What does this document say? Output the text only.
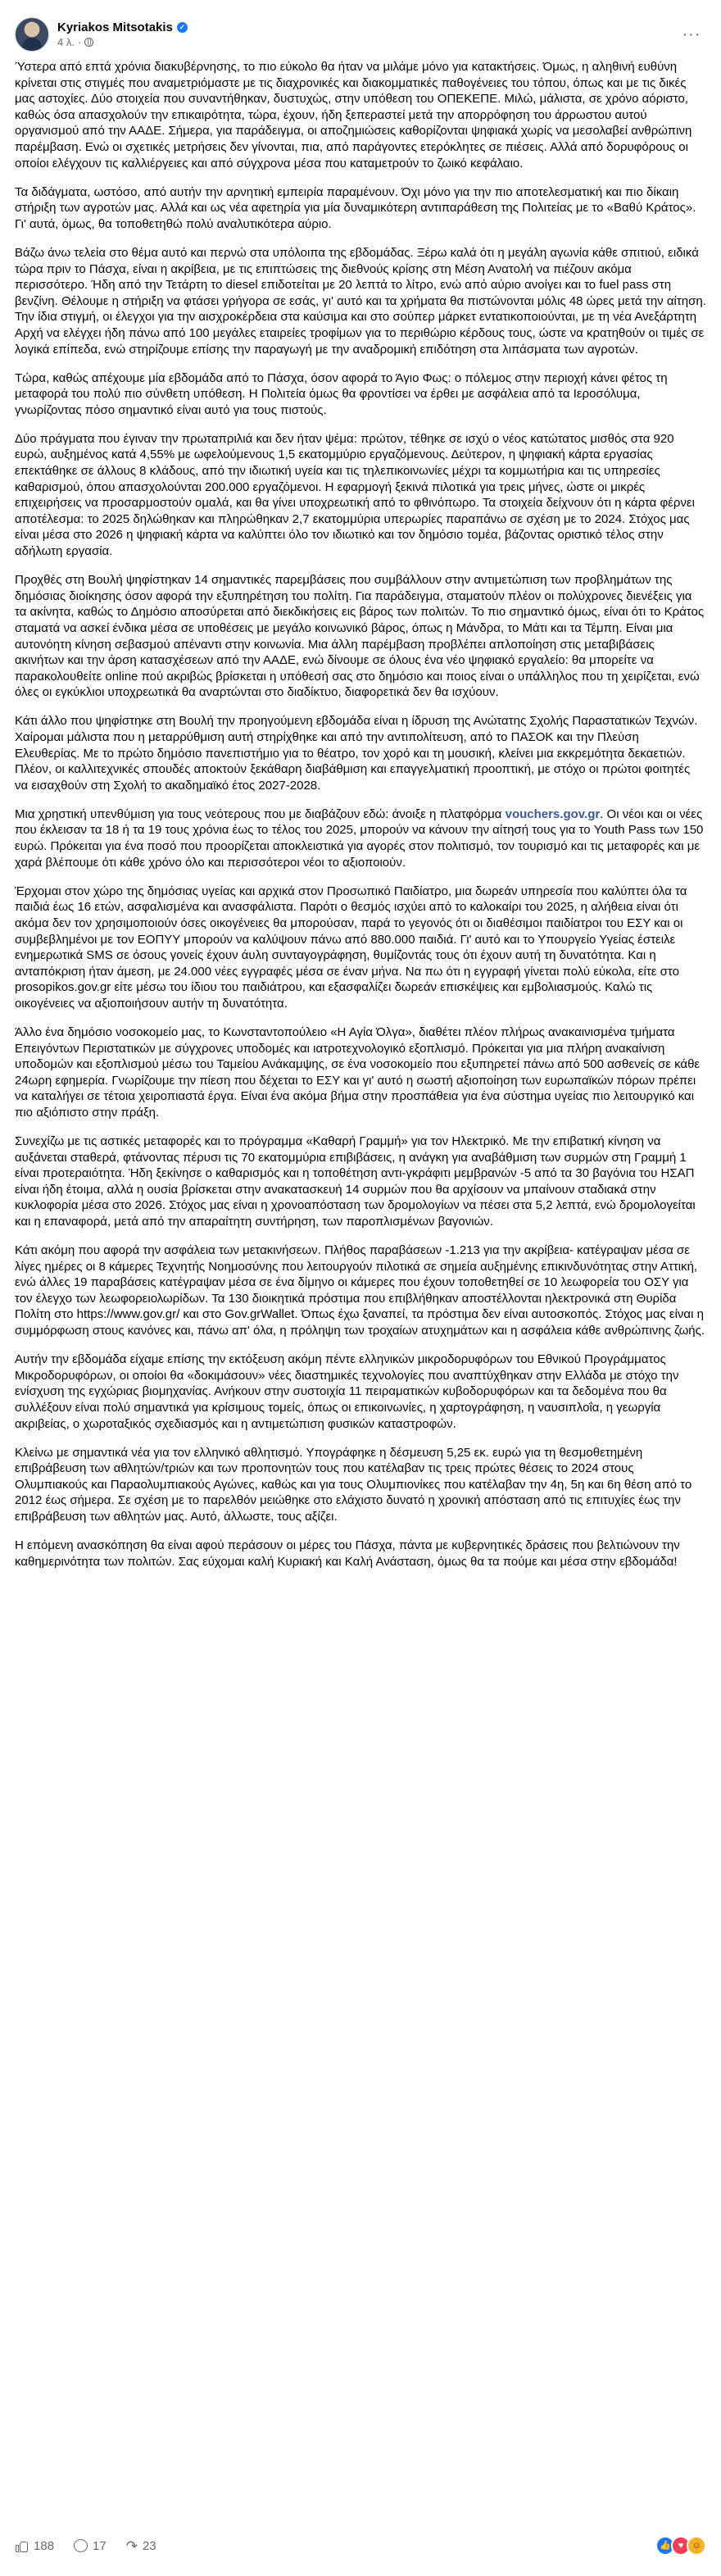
Kyriakos Mitsotakis ✓
4 λ. ·	···

Ύστερα από επτά χρόνια διακυβέρνησης, το πιο εύκολο θα ήταν να μιλάμε μόνο για κατακτήσεις. Όμως, η αληθινή ευθύνη κρίνεται στις στιγμές που αναμετριόμαστε με τις διαχρονικές και διακομματικές παθογένειες του τόπου, όπως και με τις δικές μας αστοχίες. Δύο στοιχεία που συναντήθηκαν, δυστυχώς, στην υπόθεση του ΟΠΕΚΕΠΕ. Μιλώ, μάλιστα, σε χρόνο αόριστο, καθώς όσα απασχολούν την επικαιρότητα, τώρα, έχουν, ήδη ξεπεραστεί μετά την απορρόφηση του άρρωστου αυτού οργανισμού από την ΑΑΔΕ. Σήμερα, για παράδειγμα, οι αποζημιώσεις καθορίζονται ψηφιακά χωρίς να μεσολαβεί ανθρώπινη παρέμβαση. Ενώ οι σχετικές μετρήσεις δεν γίνονται, πια, από παράγοντες ετερόκλητες σε πιέσεις. Αλλά από δορυφόρους οι οποίοι ελέγχουν τις καλλιέργειες και από σύγχρονα μέσα που καταμετρούν το ζωικό κεφάλαιο.

Τα διδάγματα, ωστόσο, από αυτήν την αρνητική εμπειρία παραμένουν. Όχι μόνο για την πιο αποτελεσματική και πιο δίκαιη στήριξη των αγροτών μας. Αλλά και ως νέα αφετηρία για μία δυναμικότερη αντιπαράθεση της Πολιτείας με το «Βαθύ Κράτος». Γι' αυτά, όμως, θα τοποθετηθώ πολύ αναλυτικότερα αύριο.

Βάζω άνω τελεία στο θέμα αυτό και περνώ στα υπόλοιπα της εβδομάδας. Ξέρω καλά ότι η μεγάλη αγωνία κάθε σπιτιού, ειδικά τώρα πριν το Πάσχα, είναι η ακρίβεια, με τις επιπτώσεις της διεθνούς κρίσης στη Μέση Ανατολή να πιέζουν ακόμα περισσότερο. Ήδη από την Τετάρτη το diesel επιδοτείται με 20 λεπτά το λίτρο, ενώ από αύριο ανοίγει και το fuel pass στη βενζίνη. Θέλουμε η στήριξη να φτάσει γρήγορα σε εσάς, γι' αυτό και τα χρήματα θα πιστώνονται μόλις 48 ώρες μετά την αίτηση. Την ίδια στιγμή, οι έλεγχοι για την αισχροκέρδεια στα καύσιμα και στο σούπερ μάρκετ εντατικοποιούνται, με τη νέα Ανεξάρτητη Αρχή να ελέγχει ήδη πάνω από 100 μεγάλες εταιρείες τροφίμων για το περιθώριο κέρδους τους, ώστε να κρατηθούν οι τιμές σε λογικά επίπεδα, ενώ στηρίζουμε επίσης την παραγωγή με την αναδρομική επιδότηση στα λιπάσματα των αγροτών.

Τώρα, καθώς απέχουμε μία εβδομάδα από το Πάσχα, όσον αφορά το Άγιο Φως: ο πόλεμος στην περιοχή κάνει φέτος τη μεταφορά του πολύ πιο σύνθετη υπόθεση. Η Πολιτεία όμως θα φροντίσει να έρθει με ασφάλεια από τα Ιεροσόλυμα, γνωρίζοντας πόσο σημαντικό είναι αυτό για τους πιστούς.

Δύο πράγματα που έγιναν την πρωταπριλιά και δεν ήταν ψέμα: πρώτον, τέθηκε σε ισχύ ο νέος κατώτατος μισθός στα 920 ευρώ, αυξημένος κατά 4,55% με ωφελούμενους 1,5 εκατομμύριο εργαζόμενους. Δεύτερον, η ψηφιακή κάρτα εργασίας επεκτάθηκε σε άλλους 8 κλάδους, από την ιδιωτική υγεία και τις τηλεπικοινωνίες μέχρι τα κομμωτήρια και τις υπηρεσίες καθαρισμού, όπου απασχολούνται 200.000 εργαζόμενοι. Η εφαρμογή ξεκινά πιλοτικά για τρεις μήνες, ώστε οι μικρές επιχειρήσεις να προσαρμοστούν ομαλά, και θα γίνει υποχρεωτική από το φθινόπωρο. Τα στοιχεία δείχνουν ότι η κάρτα φέρνει αποτέλεσμα: το 2025 δηλώθηκαν και πληρώθηκαν 2,7 εκατομμύρια υπερωρίες παραπάνω σε σχέση με το 2024. Στόχος μας είναι μέσα στο 2026 η ψηφιακή κάρτα να καλύπτει όλο τον ιδιωτικό και τον δημόσιο τομέα, βάζοντας οριστικό τέλος στην αδήλωτη εργασία.

Προχθές στη Βουλή ψηφίστηκαν 14 σημαντικές παρεμβάσεις που συμβάλλουν στην αντιμετώπιση των προβλημάτων της δημόσιας διοίκησης όσον αφορά την εξυπηρέτηση του πολίτη. Για παράδειγμα, σταματούν πλέον οι πολύχρονες διενέξεις για τα ακίνητα, καθώς το Δημόσιο αποσύρεται από διεκδικήσεις εις βάρος των πολιτών. Το πιο σημαντικό όμως, είναι ότι το Κράτος σταματά να ασκεί ένδικα μέσα σε υποθέσεις με μεγάλο κοινωνικό βάρος, όπως η Μάνδρα, το Μάτι και τα Τέμπη. Είναι μια αυτονόητη κίνηση σεβασμού απέναντι στην κοινωνία. Μια άλλη παρέμβαση προβλέπει απλοποίηση στις μεταβιβάσεις ακινήτων και την άρση κατασχέσεων από την ΑΑΔΕ, ενώ δίνουμε σε όλους ένα νέο ψηφιακό εργαλείο: θα μπορείτε να παρακολουθείτε online πού ακριβώς βρίσκεται η υπόθεσή σας στο δημόσιο και ποιος είναι ο υπάλληλος που τη χειρίζεται, ενώ όλες οι εγκύκλιοι υποχρεωτικά θα αναρτώνται στο διαδίκτυο, διαφορετικά δεν θα ισχύουν.

Κάτι άλλο που ψηφίστηκε στη Βουλή την προηγούμενη εβδομάδα είναι η ίδρυση της Ανώτατης Σχολής Παραστατικών Τεχνών. Χαίρομαι μάλιστα που η μεταρρύθμιση αυτή στηρίχθηκε και από την αντιπολίτευση, από το ΠΑΣΟΚ και την Πλεύση Ελευθερίας. Με το πρώτο δημόσιο πανεπιστήμιο για το θέατρο, τον χορό και τη μουσική, κλείνει μια εκκρεμότητα δεκαετιών. Πλέον, οι καλλιτεχνικές σπουδές αποκτούν ξεκάθαρη διαβάθμιση και επαγγελματική προοπτική, με στόχο οι πρώτοι φοιτητές να εισαχθούν στη Σχολή το ακαδημαϊκό έτος 2027-2028.

Μια χρηστική υπενθύμιση για τους νεότερους που με διαβάζουν εδώ: άνοιξε η πλατφόρμα vouchers.gov.gr. Οι νέοι και οι νέες που έκλεισαν τα 18 ή τα 19 τους χρόνια έως το τέλος του 2025, μπορούν να κάνουν την αίτησή τους για το Youth Pass των 150 ευρώ. Πρόκειται για ένα ποσό που προορίζεται αποκλειστικά για αγορές στον πολιτισμό, τον τουρισμό και τις μεταφορές και με χαρά βλέπουμε ότι κάθε χρόνο όλο και περισσότεροι νέοι το αξιοποιούν.

Έρχομαι στον χώρο της δημόσιας υγείας και αρχικά στον Προσωπικό Παιδίατρο, μια δωρεάν υπηρεσία που καλύπτει όλα τα παιδιά έως 16 ετών, ασφαλισμένα και ανασφάλιστα. Παρότι ο θεσμός ισχύει από το καλοκαίρι του 2025, η αλήθεια είναι ότι ακόμα δεν τον χρησιμοποιούν όσες οικογένειες θα μπορούσαν, παρά το γεγονός ότι οι διαθέσιμοι παιδίατροι του ΕΣΥ και οι συμβεβλημένοι με τον ΕΟΠΥΥ μπορούν να καλύψουν πάνω από 880.000 παιδιά. Γι' αυτό και το Υπουργείο Υγείας έστειλε ενημερωτικά SMS σε όσους γονείς έχουν άυλη συνταγογράφηση, θυμίζοντάς τους ότι έχουν αυτή τη δυνατότητα. Και η ανταπόκριση ήταν άμεση, με 24.000 νέες εγγραφές μέσα σε έναν μήνα. Να πω ότι η εγγραφή γίνεται πολύ εύκολα, είτε στο prosopikos.gov.gr είτε μέσω του ίδιου του παιδιάτρου, και εξασφαλίζει δωρεάν επισκέψεις και εμβολιασμούς. Καλώ τις οικογένειες να αξιοποιήσουν αυτήν τη δυνατότητα.

Άλλο ένα δημόσιο νοσοκομείο μας, το Κωνσταντοπούλειο «Η Αγία Όλγα», διαθέτει πλέον πλήρως ανακαινισμένα τμήματα Επειγόντων Περιστατικών με σύγχρονες υποδομές και ιατροτεχνολογικό εξοπλισμό. Πρόκειται για μια πλήρη ανακαίνιση υποδομών και εξοπλισμού μέσω του Ταμείου Ανάκαμψης, σε ένα νοσοκομείο που εξυπηρετεί πάνω από 500 ασθενείς σε κάθε 24ωρη εφημερία. Γνωρίζουμε την πίεση που δέχεται το ΕΣΥ και γι' αυτό η σωστή αξιοποίηση των ευρωπαϊκών πόρων πρέπει να καταλήγει σε τέτοια χειροπιαστά έργα. Είναι ένα ακόμα βήμα στην προσπάθεια για ένα σύστημα υγείας πιο λειτουργικό και πιο αξιόπιστο στην πράξη.

Συνεχίζω με τις αστικές μεταφορές και το πρόγραμμα «Καθαρή Γραμμή» για τον Ηλεκτρικό. Με την επιβατική κίνηση να αυξάνεται σταθερά, φτάνοντας πέρυσι τις 70 εκατομμύρια επιβιβάσεις, η ανάγκη για αναβάθμιση των συρμών στη Γραμμή 1 είναι προτεραιότητα. Ήδη ξεκίνησε ο καθαρισμός και η τοποθέτηση αντι-γκράφιτι μεμβρανών -5 από τα 30 βαγόνια του ΗΣΑΠ είναι ήδη έτοιμα, αλλά η ουσία βρίσκεται στην ανακατασκευή 14 συρμών που θα αρχίσουν να μπαίνουν σταδιακά στην κυκλοφορία μέσα στο 2026. Στόχος μας είναι η χρονοαπόσταση των δρομολογίων να πέσει στα 5,2 λεπτά, ενώ δρομολογείται και η επαναφορά, μετά από την απαραίτητη συντήρηση, των παροπλισμένων βαγονιών.

Κάτι ακόμη που αφορά την ασφάλεια των μετακινήσεων. Πλήθος παραβάσεων -1.213 για την ακρίβεια- κατέγραψαν μέσα σε λίγες ημέρες οι 8 κάμερες Τεχνητής Νοημοσύνης που λειτουργούν πιλοτικά σε σημεία αυξημένης επικινδυνότητας στην Αττική, ενώ άλλες 19 παραβάσεις κατέγραψαν μέσα σε ένα δίμηνο οι κάμερες που έχουν τοποθετηθεί σε 10 λεωφορεία του ΟΣΥ για τον έλεγχο των λεωφορειολωρίδων. Τα 130 διοικητικά πρόστιμα που επιβλήθηκαν αποστέλλονται ηλεκτρονικά στη Θυρίδα Πολίτη στο https://www.gov.gr/ και στο Gov.grWallet. Όπως έχω ξαναπεί, τα πρόστιμα δεν είναι αυτοσκοπός. Στόχος μας είναι η συμμόρφωση στους κανόνες και, πάνω απ' όλα, η πρόληψη των τροχαίων ατυχημάτων και η ασφάλεια κάθε ανθρώπινης ζωής.

Αυτήν την εβδομάδα είχαμε επίσης την εκτόξευση ακόμη πέντε ελληνικών μικροδορυφόρων του Εθνικού Προγράμματος Μικροδορυφόρων, οι οποίοι θα «δοκιμάσουν» νέες διαστημικές τεχνολογίες που αναπτύχθηκαν στην Ελλάδα με στόχο την ενίσχυση της εγχώριας βιομηχανίας. Ανήκουν στην συστοιχία 11 πειραματικών κυβοδορυφόρων και τα δεδομένα που θα συλλέξουν είναι πολύ σημαντικά για κρίσιμους τομείς, όπως οι επικοινωνίες, η χαρτογράφηση, η ναυσιπλοΐα, η γεωργία ακριβείας, ο χωροταξικός σχεδιασμός και η αντιμετώπιση φυσικών καταστροφών.

Κλείνω με σημαντικά νέα για τον ελληνικό αθλητισμό. Υπογράφηκε η δέσμευση 5,25 εκ. ευρώ για τη θεσμοθετημένη επιβράβευση των αθλητών/τριών και των προπονητών τους που κατέλαβαν τις τρεις πρώτες θέσεις το 2024 στους Ολυμπιακούς και Παραολυμπιακούς Αγώνες, καθώς και για τους Ολυμπιονίκες που κατέλαβαν την 4η, 5η και 6η θέση από το 2012 έως σήμερα. Σε σχέση με το παρελθόν μειώθηκε στο ελάχιστο δυνατό η χρονική απόσταση από τις επιτυχίες έως την επιβράβευση των αθλητών μας. Αυτό, άλλωστε, τους αξίζει.

Η επόμενη ανασκόπηση θα είναι αφού περάσουν οι μέρες του Πάσχα, πάντα με κυβερνητικές δράσεις που βελτιώνουν την καθημερινότητα των πολιτών. Σας εύχομαι καλή Κυριακή και Καλή Ανάσταση, όμως θα τα πούμε και μέσα στην εβδομάδα!

188	17 ↷ 23	👍 ♥ ☺
